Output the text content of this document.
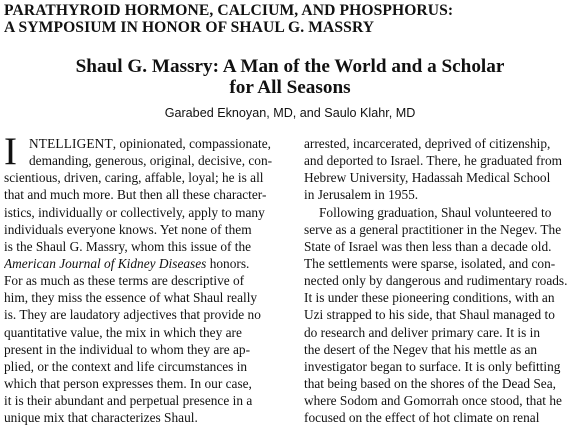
PARATHYROID HORMONE, CALCIUM, AND PHOSPHORUS:
A SYMPOSIUM IN HONOR OF SHAUL G. MASSRY
Shaul G. Massry: A Man of the World and a Scholar
for All Seasons
Garabed Eknoyan, MD, and Saulo Klahr, MD
I NTELLIGENT, opinionated, compassionate,
demanding, generous, original, decisive, con-
scientious, driven, caring, affable, loyal; he is all
that and much more. But then all these character-
istics, individually or collectively, apply to many
individuals everyone knows. Yet none of them
is the Shaul G. Massry, whom this issue of the
American Journal of Kidney Diseases honors.
For as much as these terms are descriptive of
him, they miss the essence of what Shaul really
is. They are laudatory adjectives that provide no
quantitative value, the mix in which they are
present in the individual to whom they are ap-
plied, or the context and life circumstances in
which that person expresses them. In our case,
it is their abundant and perpetual presence in a
unique mix that characterizes Shaul.
arrested, incarcerated, deprived of citizenship,
and deported to Israel. There, he graduated from
Hebrew University, Hadassah Medical School
in Jerusalem in 1955.
Following graduation, Shaul volunteered to
serve as a general practitioner in the Negev. The
State of Israel was then less than a decade old.
The settlements were sparse, isolated, and con-
nected only by dangerous and rudimentary roads.
It is under these pioneering conditions, with an
Uzi strapped to his side, that Shaul managed to
do research and deliver primary care. It is in
the desert of the Negev that his mettle as an
investigator began to surface. It is only befitting
that being based on the shores of the Dead Sea,
where Sodom and Gomorrah once stood, that he
focused on the effect of hot climate on renal
